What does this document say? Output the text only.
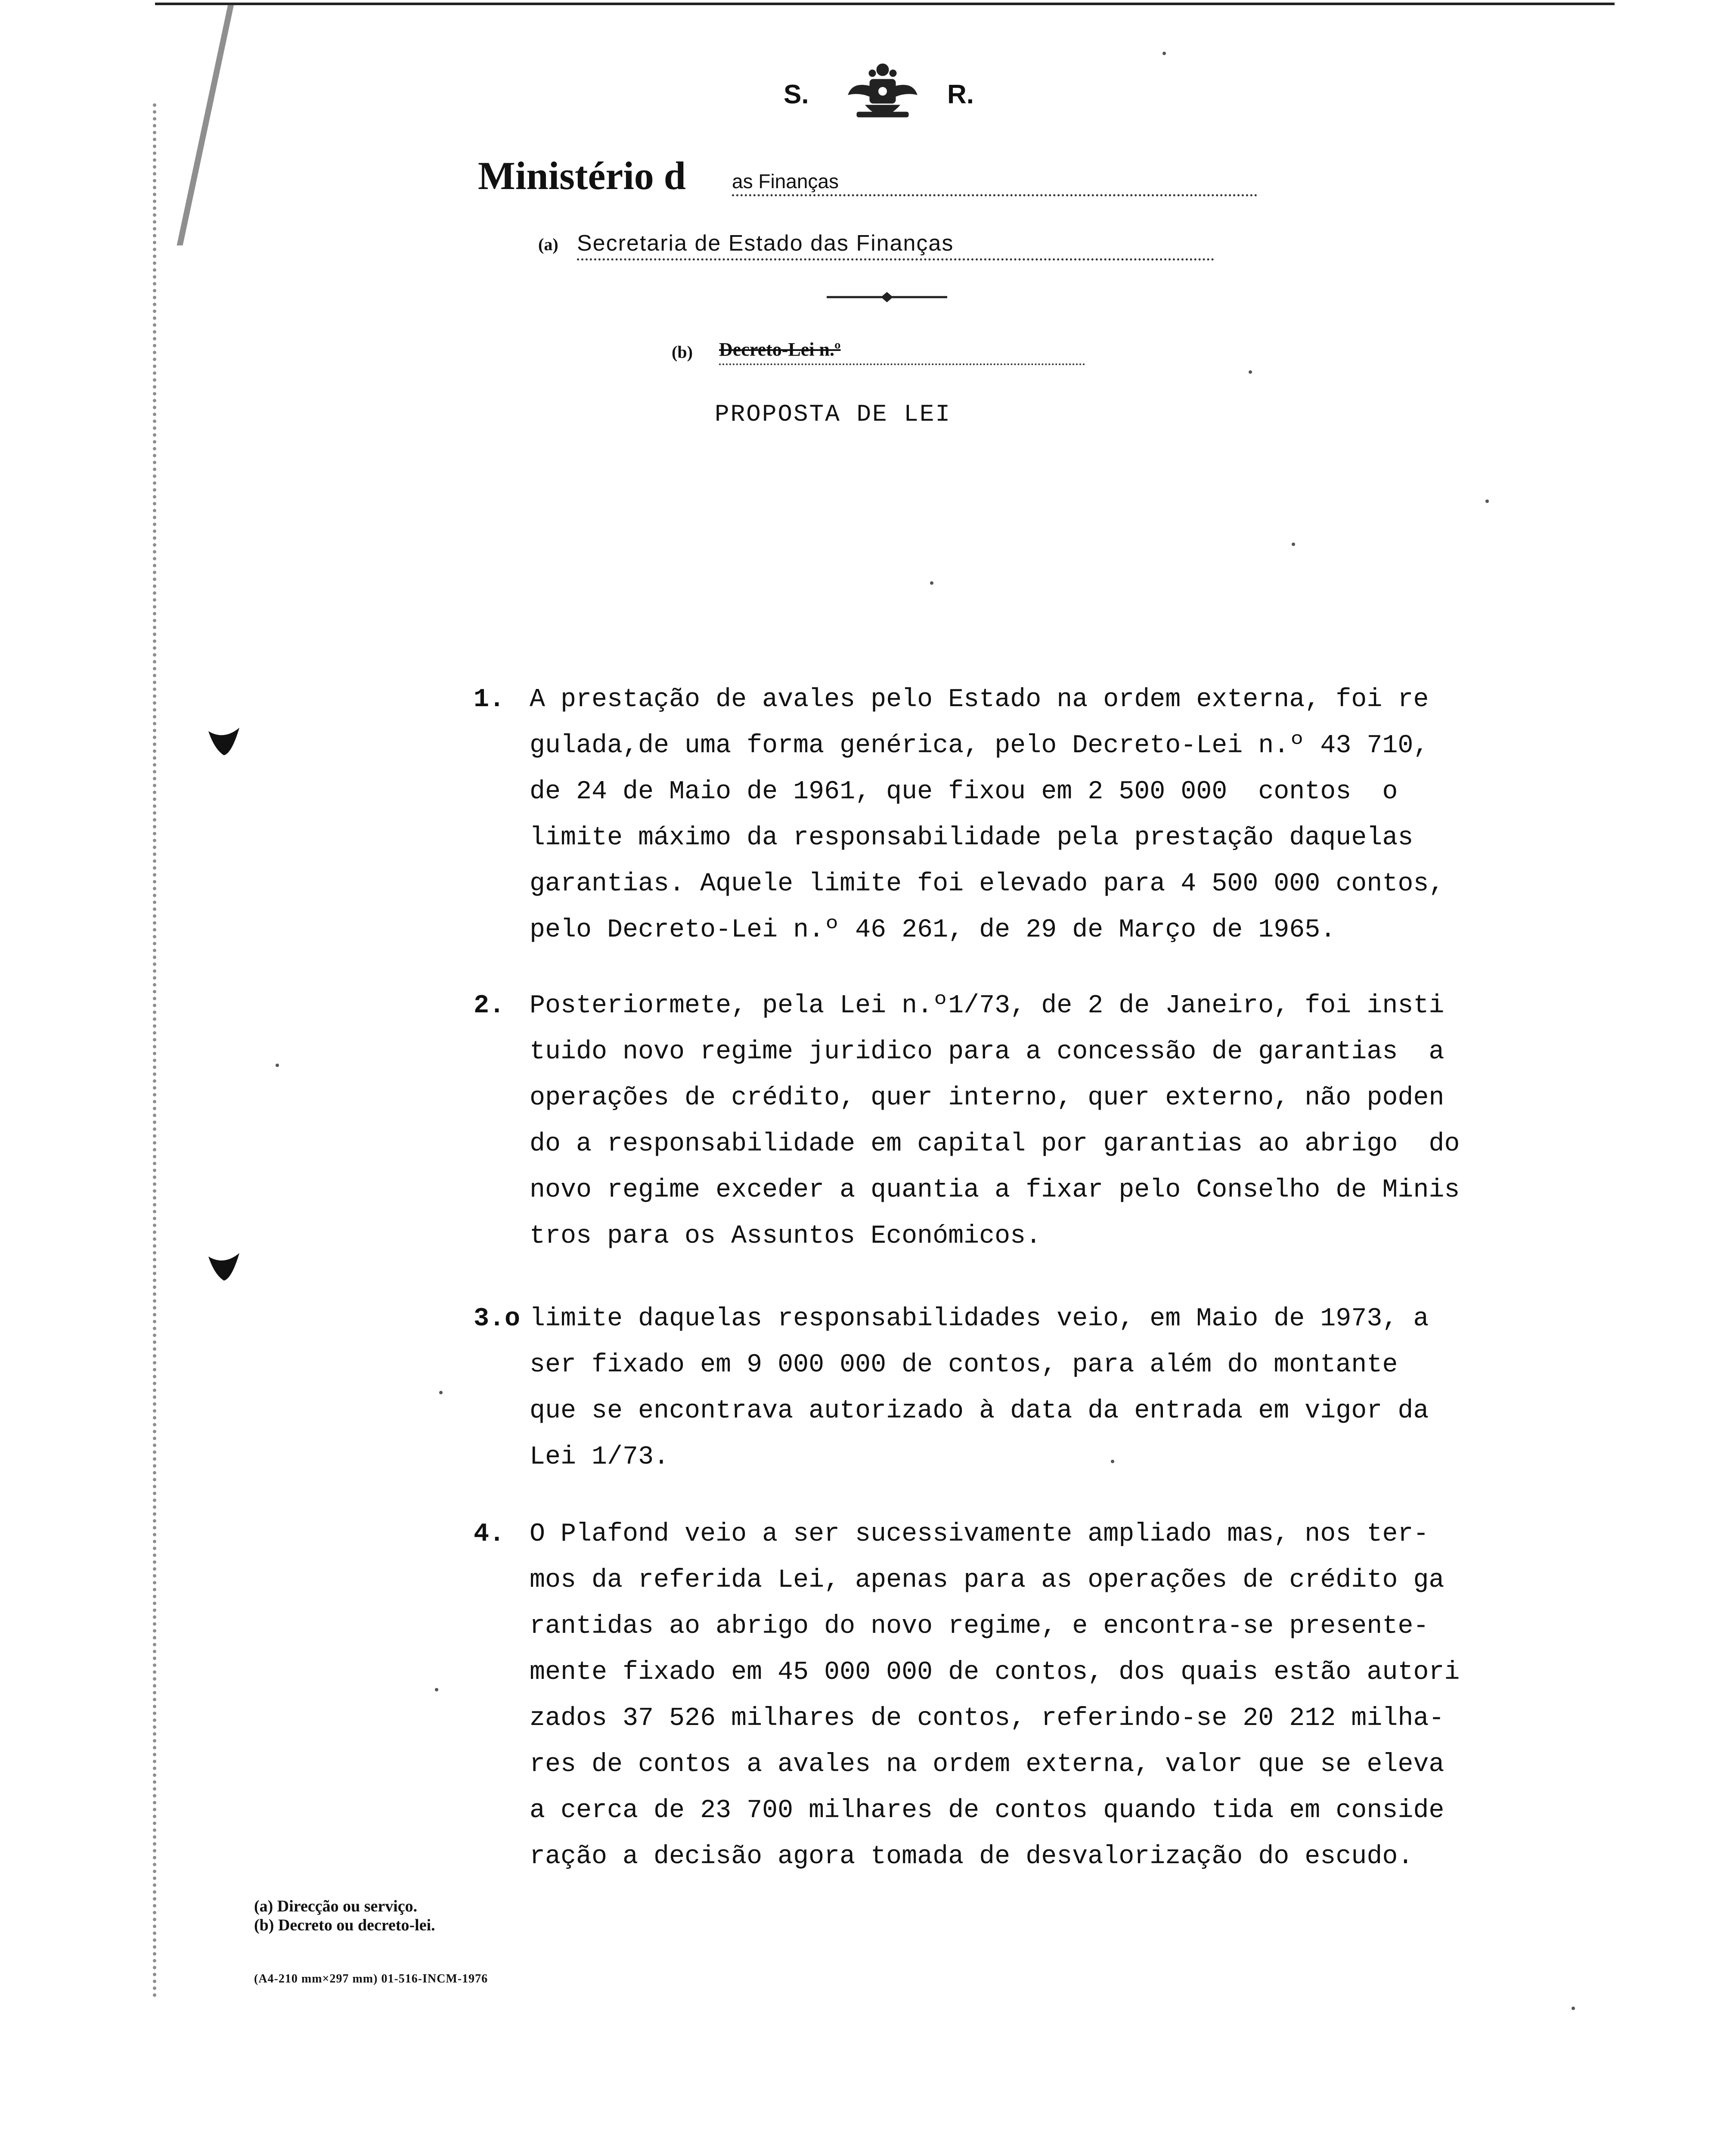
S.	R.
Ministério d as Finanças
(a) Secretaria de Estado das Finanças
(b) Decreto-Lei n.º
PROPOSTA DE LEI
1. A prestação de avales pelo Estado na ordem externa, foi re
gulada,de uma forma genérica, pelo Decreto-Lei n.º 43 710,
de 24 de Maio de 1961, que fixou em 2 500 000  contos  o
limite máximo da responsabilidade pela prestação daquelas
garantias. Aquele limite foi elevado para 4 500 000 contos,
pelo Decreto-Lei n.º 46 261, de 29 de Março de 1965.
2. Posteriormete, pela Lei n.º1/73, de 2 de Janeiro, foi insti
tuido novo regime juridico para a concessão de garantias  a
operações de crédito, quer interno, quer externo, não poden
do a responsabilidade em capital por garantias ao abrigo  do
novo regime exceder a quantia a fixar pelo Conselho de Minis
tros para os Assuntos Económicos.
3.o limite daquelas responsabilidades veio, em Maio de 1973, a
ser fixado em 9 000 000 de contos, para além do montante
que se encontrava autorizado à data da entrada em vigor da
Lei 1/73.
4. O Plafond veio a ser sucessivamente ampliado mas, nos ter-
mos da referida Lei, apenas para as operações de crédito ga
rantidas ao abrigo do novo regime, e encontra-se presente-
mente fixado em 45 000 000 de contos, dos quais estão autori
zados 37 526 milhares de contos, referindo-se 20 212 milha-
res de contos a avales na ordem externa, valor que se eleva
a cerca de 23 700 milhares de contos quando tida em conside
ração a decisão agora tomada de desvalorização do escudo.
(a) Direcção ou serviço.
(b) Decreto ou decreto-lei.
(A4-210 mm×297 mm) 01-516-INCM-1976
